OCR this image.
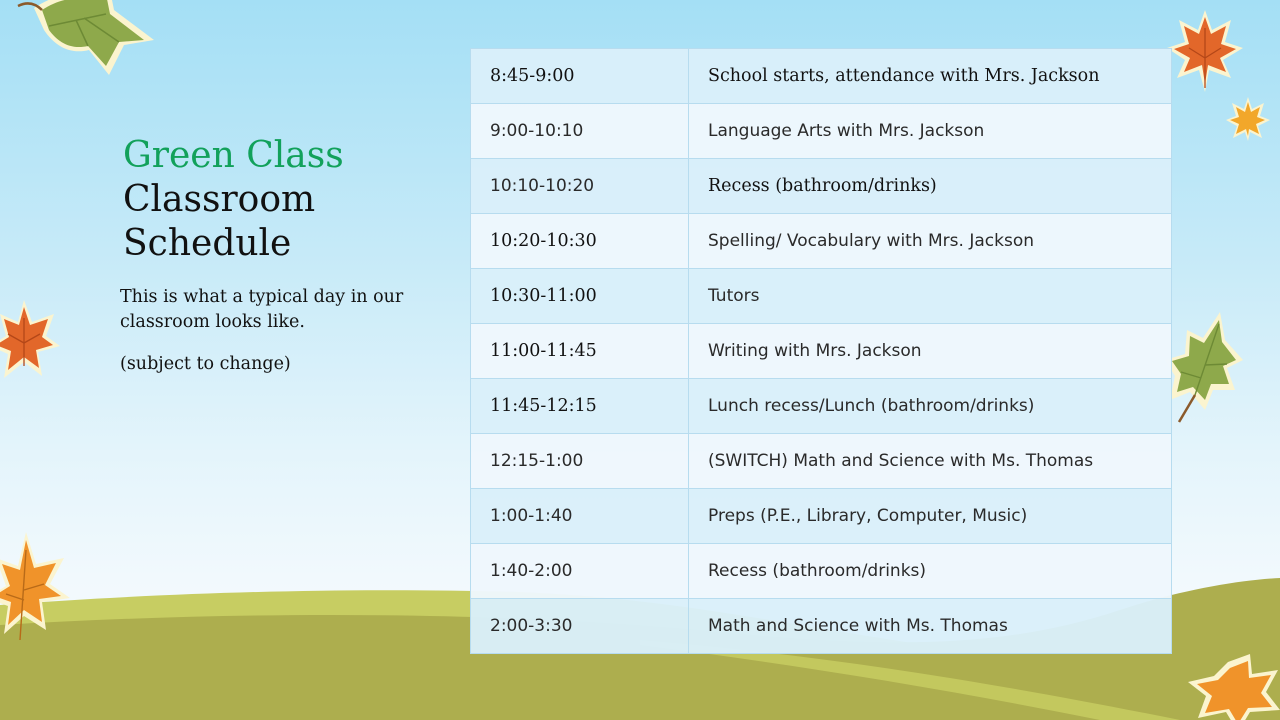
Green Class
Classroom
Schedule

This is what a typical day in our classroom looks like.

(subject to change)

8:45-9:00	School starts, attendance with Mrs. Jackson
9:00-10:10	Language Arts with Mrs. Jackson
10:10-10:20	Recess (bathroom/drinks)
10:20-10:30	Spelling/ Vocabulary with Mrs. Jackson
10:30-11:00	Tutors
11:00-11:45	Writing with Mrs. Jackson
11:45-12:15	Lunch recess/Lunch (bathroom/drinks)
12:15-1:00	(SWITCH) Math and Science with Ms. Thomas
1:00-1:40	Preps (P.E., Library, Computer, Music)
1:40-2:00	Recess (bathroom/drinks)
2:00-3:30	Math and Science with Ms. Thomas
